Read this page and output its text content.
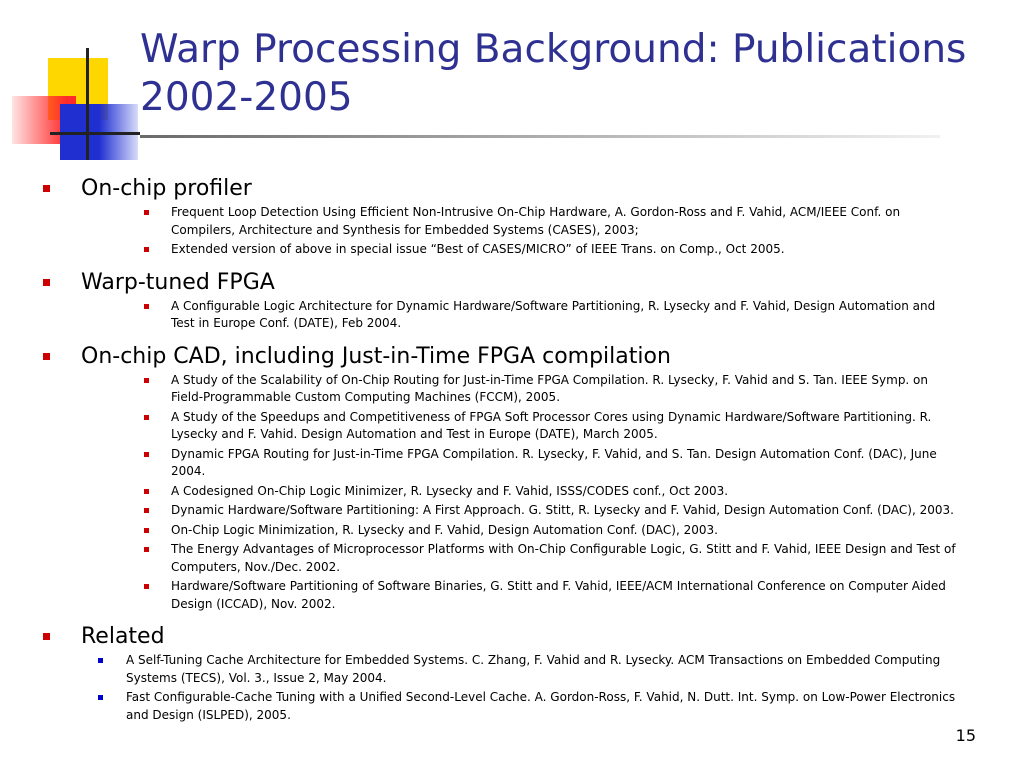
Warp Processing Background: Publications 2002-2005
On-chip profiler
Frequent Loop Detection Using Efficient Non-Intrusive On-Chip Hardware, A. Gordon-Ross and F. Vahid, ACM/IEEE Conf. on Compilers, Architecture and Synthesis for Embedded Systems (CASES), 2003;
Extended version of above in special issue “Best of CASES/MICRO” of IEEE Trans. on Comp., Oct 2005.
Warp-tuned FPGA
A Configurable Logic Architecture for Dynamic Hardware/Software Partitioning, R. Lysecky and F. Vahid, Design Automation and Test in Europe Conf. (DATE), Feb 2004.
On-chip CAD, including Just-in-Time FPGA compilation
A Study of the Scalability of On-Chip Routing for Just-in-Time FPGA Compilation. R. Lysecky, F. Vahid and S. Tan. IEEE Symp. on Field-Programmable Custom Computing Machines (FCCM), 2005.
A Study of the Speedups and Competitiveness of FPGA Soft Processor Cores using Dynamic Hardware/Software Partitioning. R. Lysecky and F. Vahid. Design Automation and Test in Europe (DATE), March 2005.
Dynamic FPGA Routing for Just-in-Time FPGA Compilation. R. Lysecky, F. Vahid, and S. Tan. Design Automation Conf. (DAC), June 2004.
A Codesigned On-Chip Logic Minimizer, R. Lysecky and F. Vahid, ISSS/CODES conf., Oct 2003.
Dynamic Hardware/Software Partitioning: A First Approach. G. Stitt, R. Lysecky and F. Vahid, Design Automation Conf. (DAC), 2003.
On-Chip Logic Minimization, R. Lysecky and F. Vahid, Design Automation Conf. (DAC), 2003.
The Energy Advantages of Microprocessor Platforms with On-Chip Configurable Logic, G. Stitt and F. Vahid, IEEE Design and Test of Computers, Nov./Dec. 2002.
Hardware/Software Partitioning of Software Binaries, G. Stitt and F. Vahid, IEEE/ACM International Conference on Computer Aided Design (ICCAD), Nov. 2002.
Related
A Self-Tuning Cache Architecture for Embedded Systems. C. Zhang, F. Vahid and R. Lysecky. ACM Transactions on Embedded Computing Systems (TECS), Vol. 3., Issue 2, May 2004.
Fast Configurable-Cache Tuning with a Unified Second-Level Cache. A. Gordon-Ross, F. Vahid, N. Dutt. Int. Symp. on Low-Power Electronics and Design (ISLPED), 2005.
15
